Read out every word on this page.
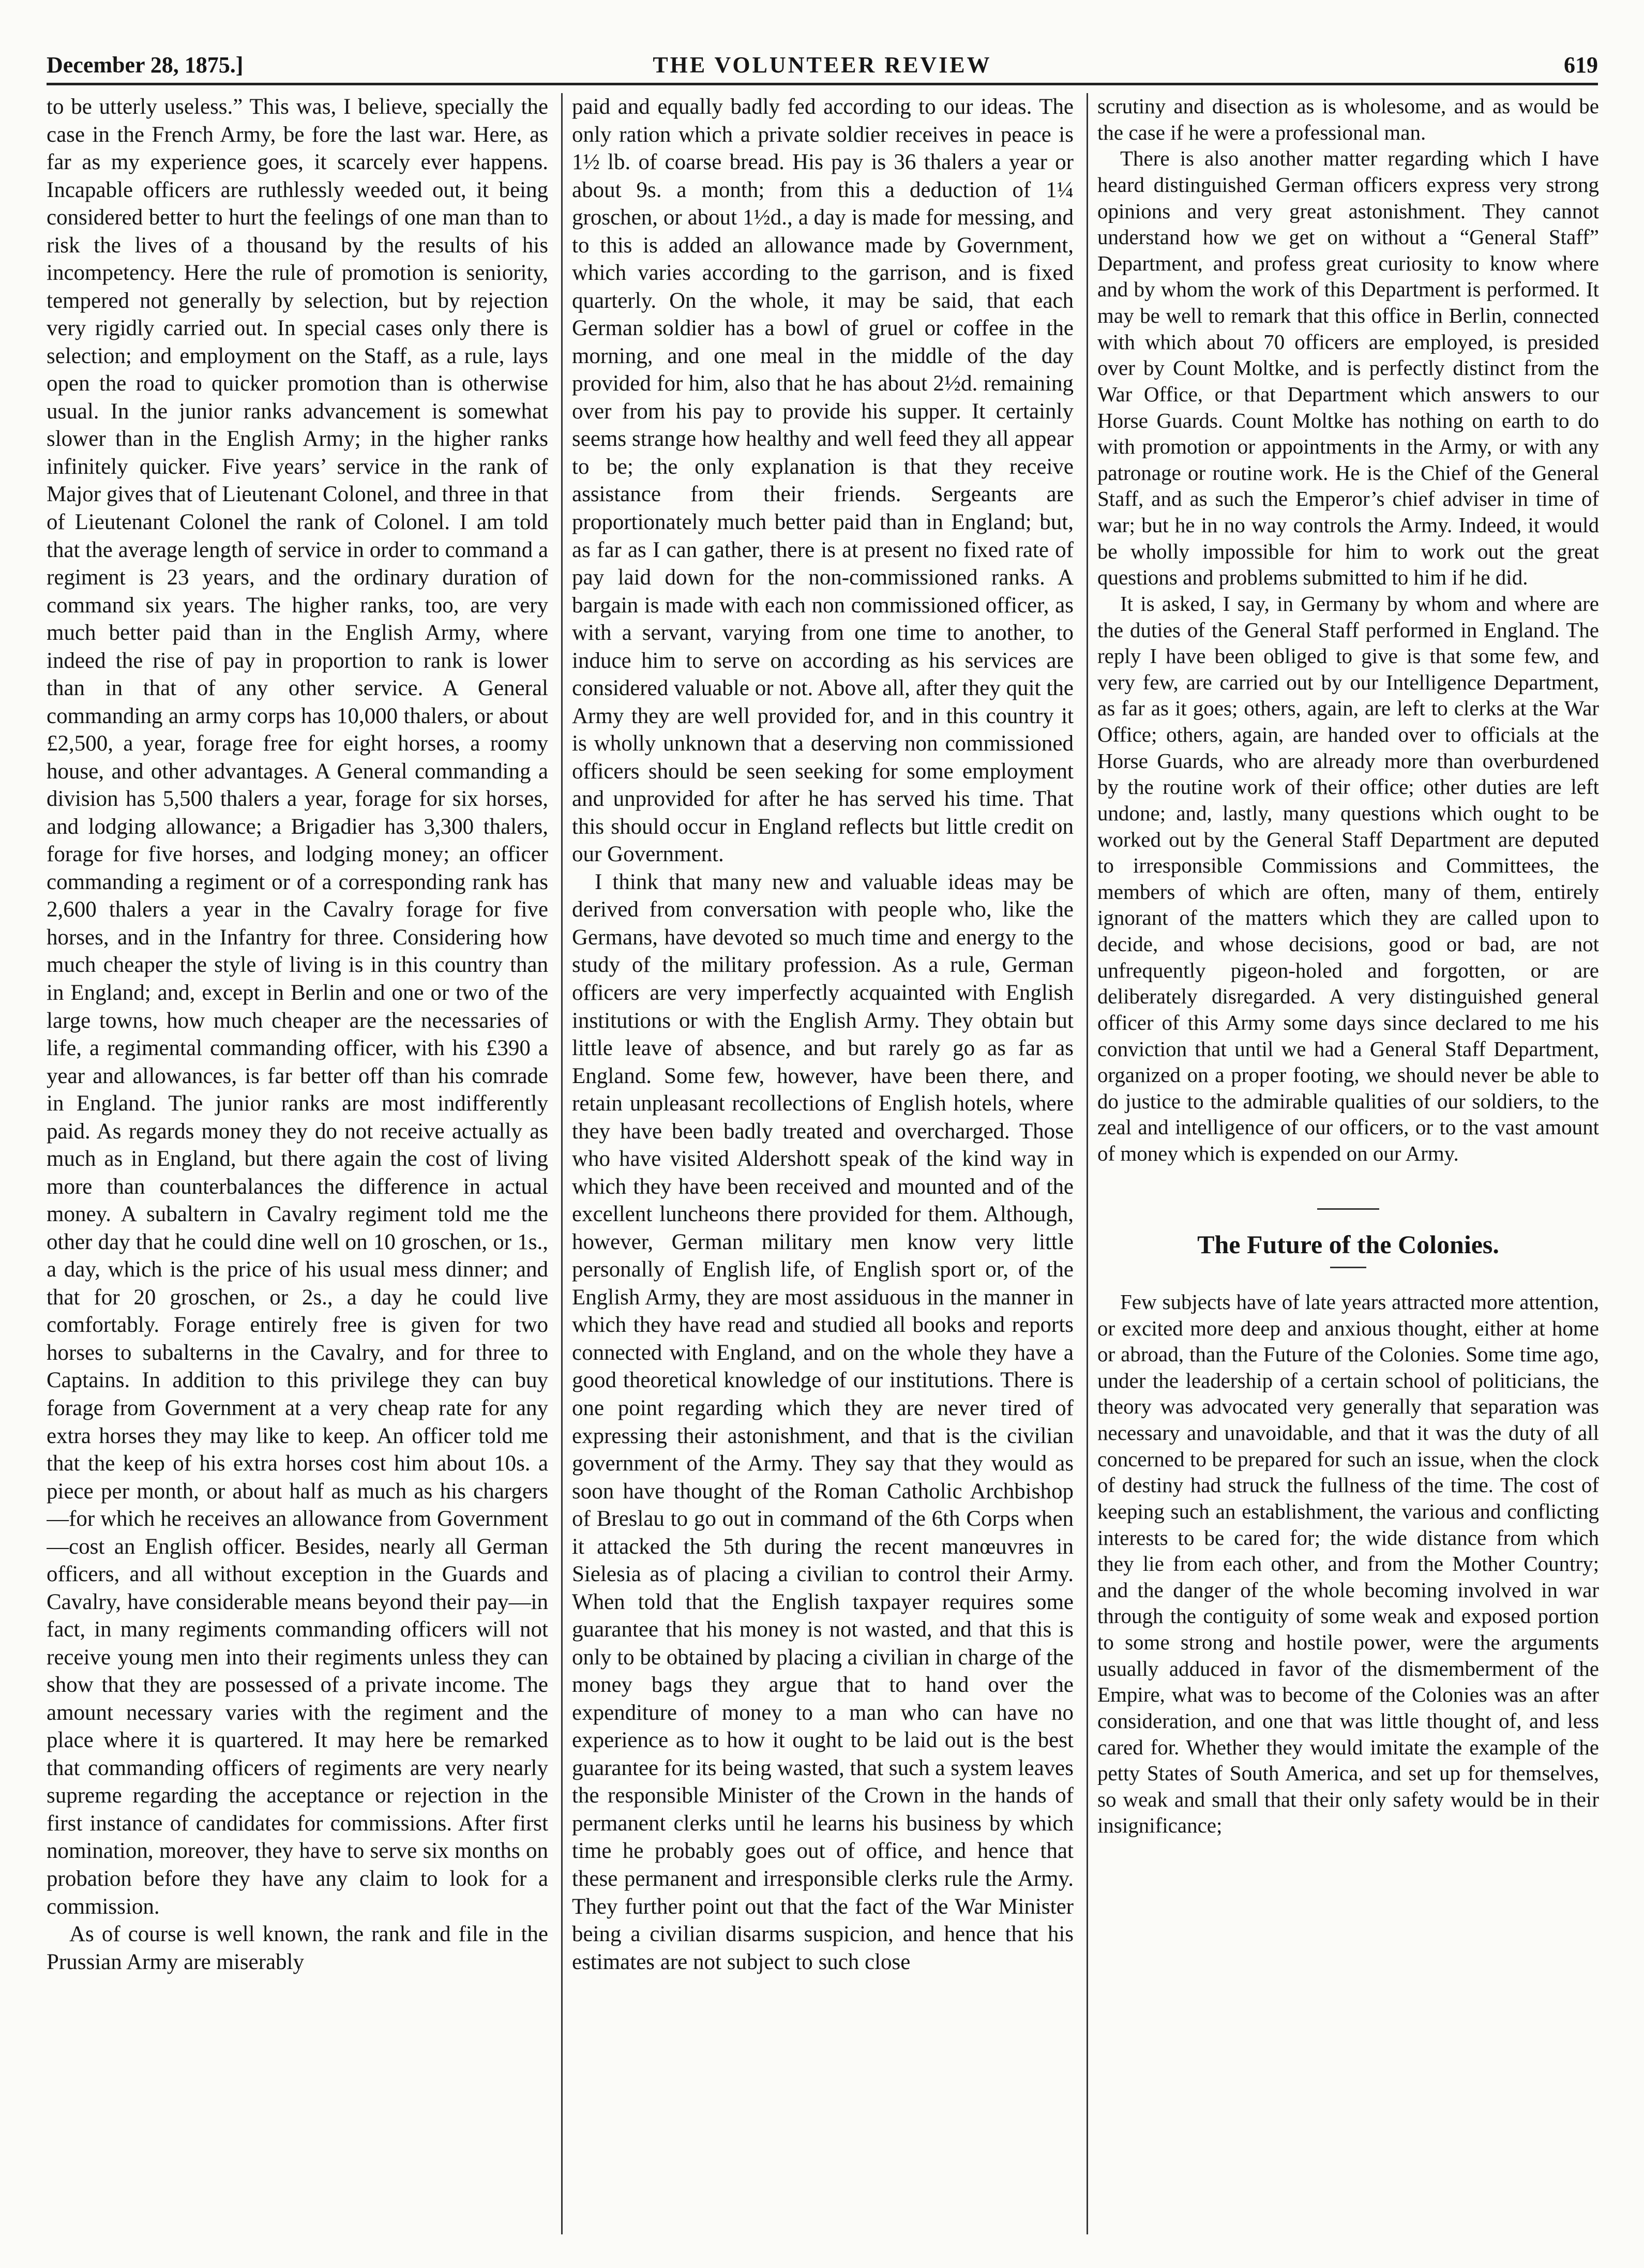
December 28, 1875.]	THE VOLUNTEER REVIEW	619

to be utterly useless.” This was, I believe, specially the case in the French Army, be fore the last war. Here, as far as my experience goes, it scarcely ever happens. Incapable officers are ruthlessly weeded out, it being considered better to hurt the feelings of one man than to risk the lives of a thousand by the results of his incompetency. Here the rule of promotion is seniority, tempered not generally by selection, but by rejection very rigidly carried out. In special cases only there is selection; and employment on the Staff, as a rule, lays open the road to quicker promotion than is otherwise usual. In the junior ranks advancement is somewhat slower than in the English Army; in the higher ranks infinitely quicker. Five years’ service in the rank of Major gives that of Lieutenant Colonel, and three in that of Lieutenant Colonel the rank of Colonel. I am told that the average length of service in order to command a regiment is 23 years, and the ordinary duration of command six years. The higher ranks, too, are very much better paid than in the English Army, where indeed the rise of pay in proportion to rank is lower than in that of any other service. A General commanding an army corps has 10,000 thalers, or about £2,500, a year, forage free for eight horses, a roomy house, and other advantages. A General commanding a division has 5,500 thalers a year, forage for six horses, and lodging allowance; a Brigadier has 3,300 thalers, forage for five horses, and lodging money; an officer commanding a regiment or of a corresponding rank has 2,600 thalers a year in the Cavalry forage for five horses, and in the Infantry for three. Considering how much cheaper the style of living is in this country than in England; and, except in Berlin and one or two of the large towns, how much cheaper are the necessaries of life, a regimental commanding officer, with his £390 a year and allowances, is far better off than his comrade in England. The junior ranks are most indifferently paid. As regards money they do not receive actually as much as in England, but there again the cost of living more than counterbalances the difference in actual money. A subaltern in Cavalry regiment told me the other day that he could dine well on 10 groschen, or 1s., a day, which is the price of his usual mess dinner; and that for 20 groschen, or 2s., a day he could live comfortably. Forage entirely free is given for two horses to subalterns in the Cavalry, and for three to Captains. In addition to this privilege they can buy forage from Government at a very cheap rate for any extra horses they may like to keep. An officer told me that the keep of his extra horses cost him about 10s. a piece per month, or about half as much as his chargers—for which he receives an allowance from Government—cost an English officer. Besides, nearly all German officers, and all without exception in the Guards and Cavalry, have considerable means beyond their pay—in fact, in many regiments commanding officers will not receive young men into their regiments unless they can show that they are possessed of a private income. The amount necessary varies with the regiment and the place where it is quartered. It may here be remarked that commanding officers of regiments are very nearly supreme regarding the acceptance or rejection in the first instance of candidates for commissions. After first nomination, moreover, they have to serve six months on probation before they have any claim to look for a commission.

As of course is well known, the rank and file in the Prussian Army are miserably

paid and equally badly fed according to our ideas. The only ration which a private soldier receives in peace is 1½ lb. of coarse bread. His pay is 36 thalers a year or about 9s. a month; from this a deduction of 1¼ groschen, or about 1½d., a day is made for messing, and to this is added an allowance made by Government, which varies according to the garrison, and is fixed quarterly. On the whole, it may be said, that each German soldier has a bowl of gruel or coffee in the morning, and one meal in the middle of the day provided for him, also that he has about 2½d. remaining over from his pay to provide his supper. It certainly seems strange how healthy and well feed they all appear to be; the only explanation is that they receive assistance from their friends. Sergeants are proportionately much better paid than in England; but, as far as I can gather, there is at present no fixed rate of pay laid down for the non-commissioned ranks. A bargain is made with each non commissioned officer, as with a servant, varying from one time to another, to induce him to serve on according as his services are considered valuable or not. Above all, after they quit the Army they are well provided for, and in this country it is wholly unknown that a deserving non commissioned officers should be seen seeking for some employment and unprovided for after he has served his time. That this should occur in England reflects but little credit on our Government.

I think that many new and valuable ideas may be derived from conversation with people who, like the Germans, have devoted so much time and energy to the study of the military profession. As a rule, German officers are very imperfectly acquainted with English institutions or with the English Army. They obtain but little leave of absence, and but rarely go as far as England. Some few, however, have been there, and retain unpleasant recollections of English hotels, where they have been badly treated and overcharged. Those who have visited Aldershott speak of the kind way in which they have been received and mounted and of the excellent luncheons there provided for them. Although, however, German military men know very little personally of English life, of English sport or, of the English Army, they are most assiduous in the manner in which they have read and studied all books and reports connected with England, and on the whole they have a good theoretical knowledge of our institutions. There is one point regarding which they are never tired of expressing their astonishment, and that is the civilian government of the Army. They say that they would as soon have thought of the Roman Catholic Archbishop of Breslau to go out in command of the 6th Corps when it attacked the 5th during the recent manœuvres in Sielesia as of placing a civilian to control their Army. When told that the English taxpayer requires some guarantee that his money is not wasted, and that this is only to be obtained by placing a civilian in charge of the money bags they argue that to hand over the expenditure of money to a man who can have no experience as to how it ought to be laid out is the best guarantee for its being wasted, that such a system leaves the responsible Minister of the Crown in the hands of permanent clerks until he learns his business by which time he probably goes out of office, and hence that these permanent and irresponsible clerks rule the Army. They further point out that the fact of the War Minister being a civilian disarms suspicion, and hence that his estimates are not subject to such close

scrutiny and disection as is wholesome, and as would be the case if he were a professional man.

There is also another matter regarding which I have heard distinguished German officers express very strong opinions and very great astonishment. They cannot understand how we get on without a “General Staff” Department, and profess great curiosity to know where and by whom the work of this Department is performed. It may be well to remark that this office in Berlin, connected with which about 70 officers are employed, is presided over by Count Moltke, and is perfectly distinct from the War Office, or that Department which answers to our Horse Guards. Count Moltke has nothing on earth to do with promotion or appointments in the Army, or with any patronage or routine work. He is the Chief of the General Staff, and as such the Emperor’s chief adviser in time of war; but he in no way controls the Army. Indeed, it would be wholly impossible for him to work out the great questions and problems submitted to him if he did.

It is asked, I say, in Germany by whom and where are the duties of the General Staff performed in England. The reply I have been obliged to give is that some few, and very few, are carried out by our Intelligence Department, as far as it goes; others, again, are left to clerks at the War Office; others, again, are handed over to officials at the Horse Guards, who are already more than overburdened by the routine work of their office; other duties are left undone; and, lastly, many questions which ought to be worked out by the General Staff Department are deputed to irresponsible Commissions and Committees, the members of which are often, many of them, entirely ignorant of the matters which they are called upon to decide, and whose decisions, good or bad, are not unfrequently pigeon-holed and forgotten, or are deliberately disregarded. A very distinguished general officer of this Army some days since declared to me his conviction that until we had a General Staff Department, organized on a proper footing, we should never be able to do justice to the admirable qualities of our soldiers, to the zeal and intelligence of our officers, or to the vast amount of money which is expended on our Army.

The Future of the Colonies.

Few subjects have of late years attracted more attention, or excited more deep and anxious thought, either at home or abroad, than the Future of the Colonies. Some time ago, under the leadership of a certain school of politicians, the theory was advocated very generally that separation was necessary and unavoidable, and that it was the duty of all concerned to be prepared for such an issue, when the clock of destiny had struck the fullness of the time. The cost of keeping such an establishment, the various and conflicting interests to be cared for; the wide distance from which they lie from each other, and from the Mother Country; and the danger of the whole becoming involved in war through the contiguity of some weak and exposed portion to some strong and hostile power, were the arguments usually adduced in favor of the dismemberment of the Empire, what was to become of the Colonies was an after consideration, and one that was little thought of, and less cared for. Whether they would imitate the example of the petty States of South America, and set up for themselves, so weak and small that their only safety would be in their insignificance;
